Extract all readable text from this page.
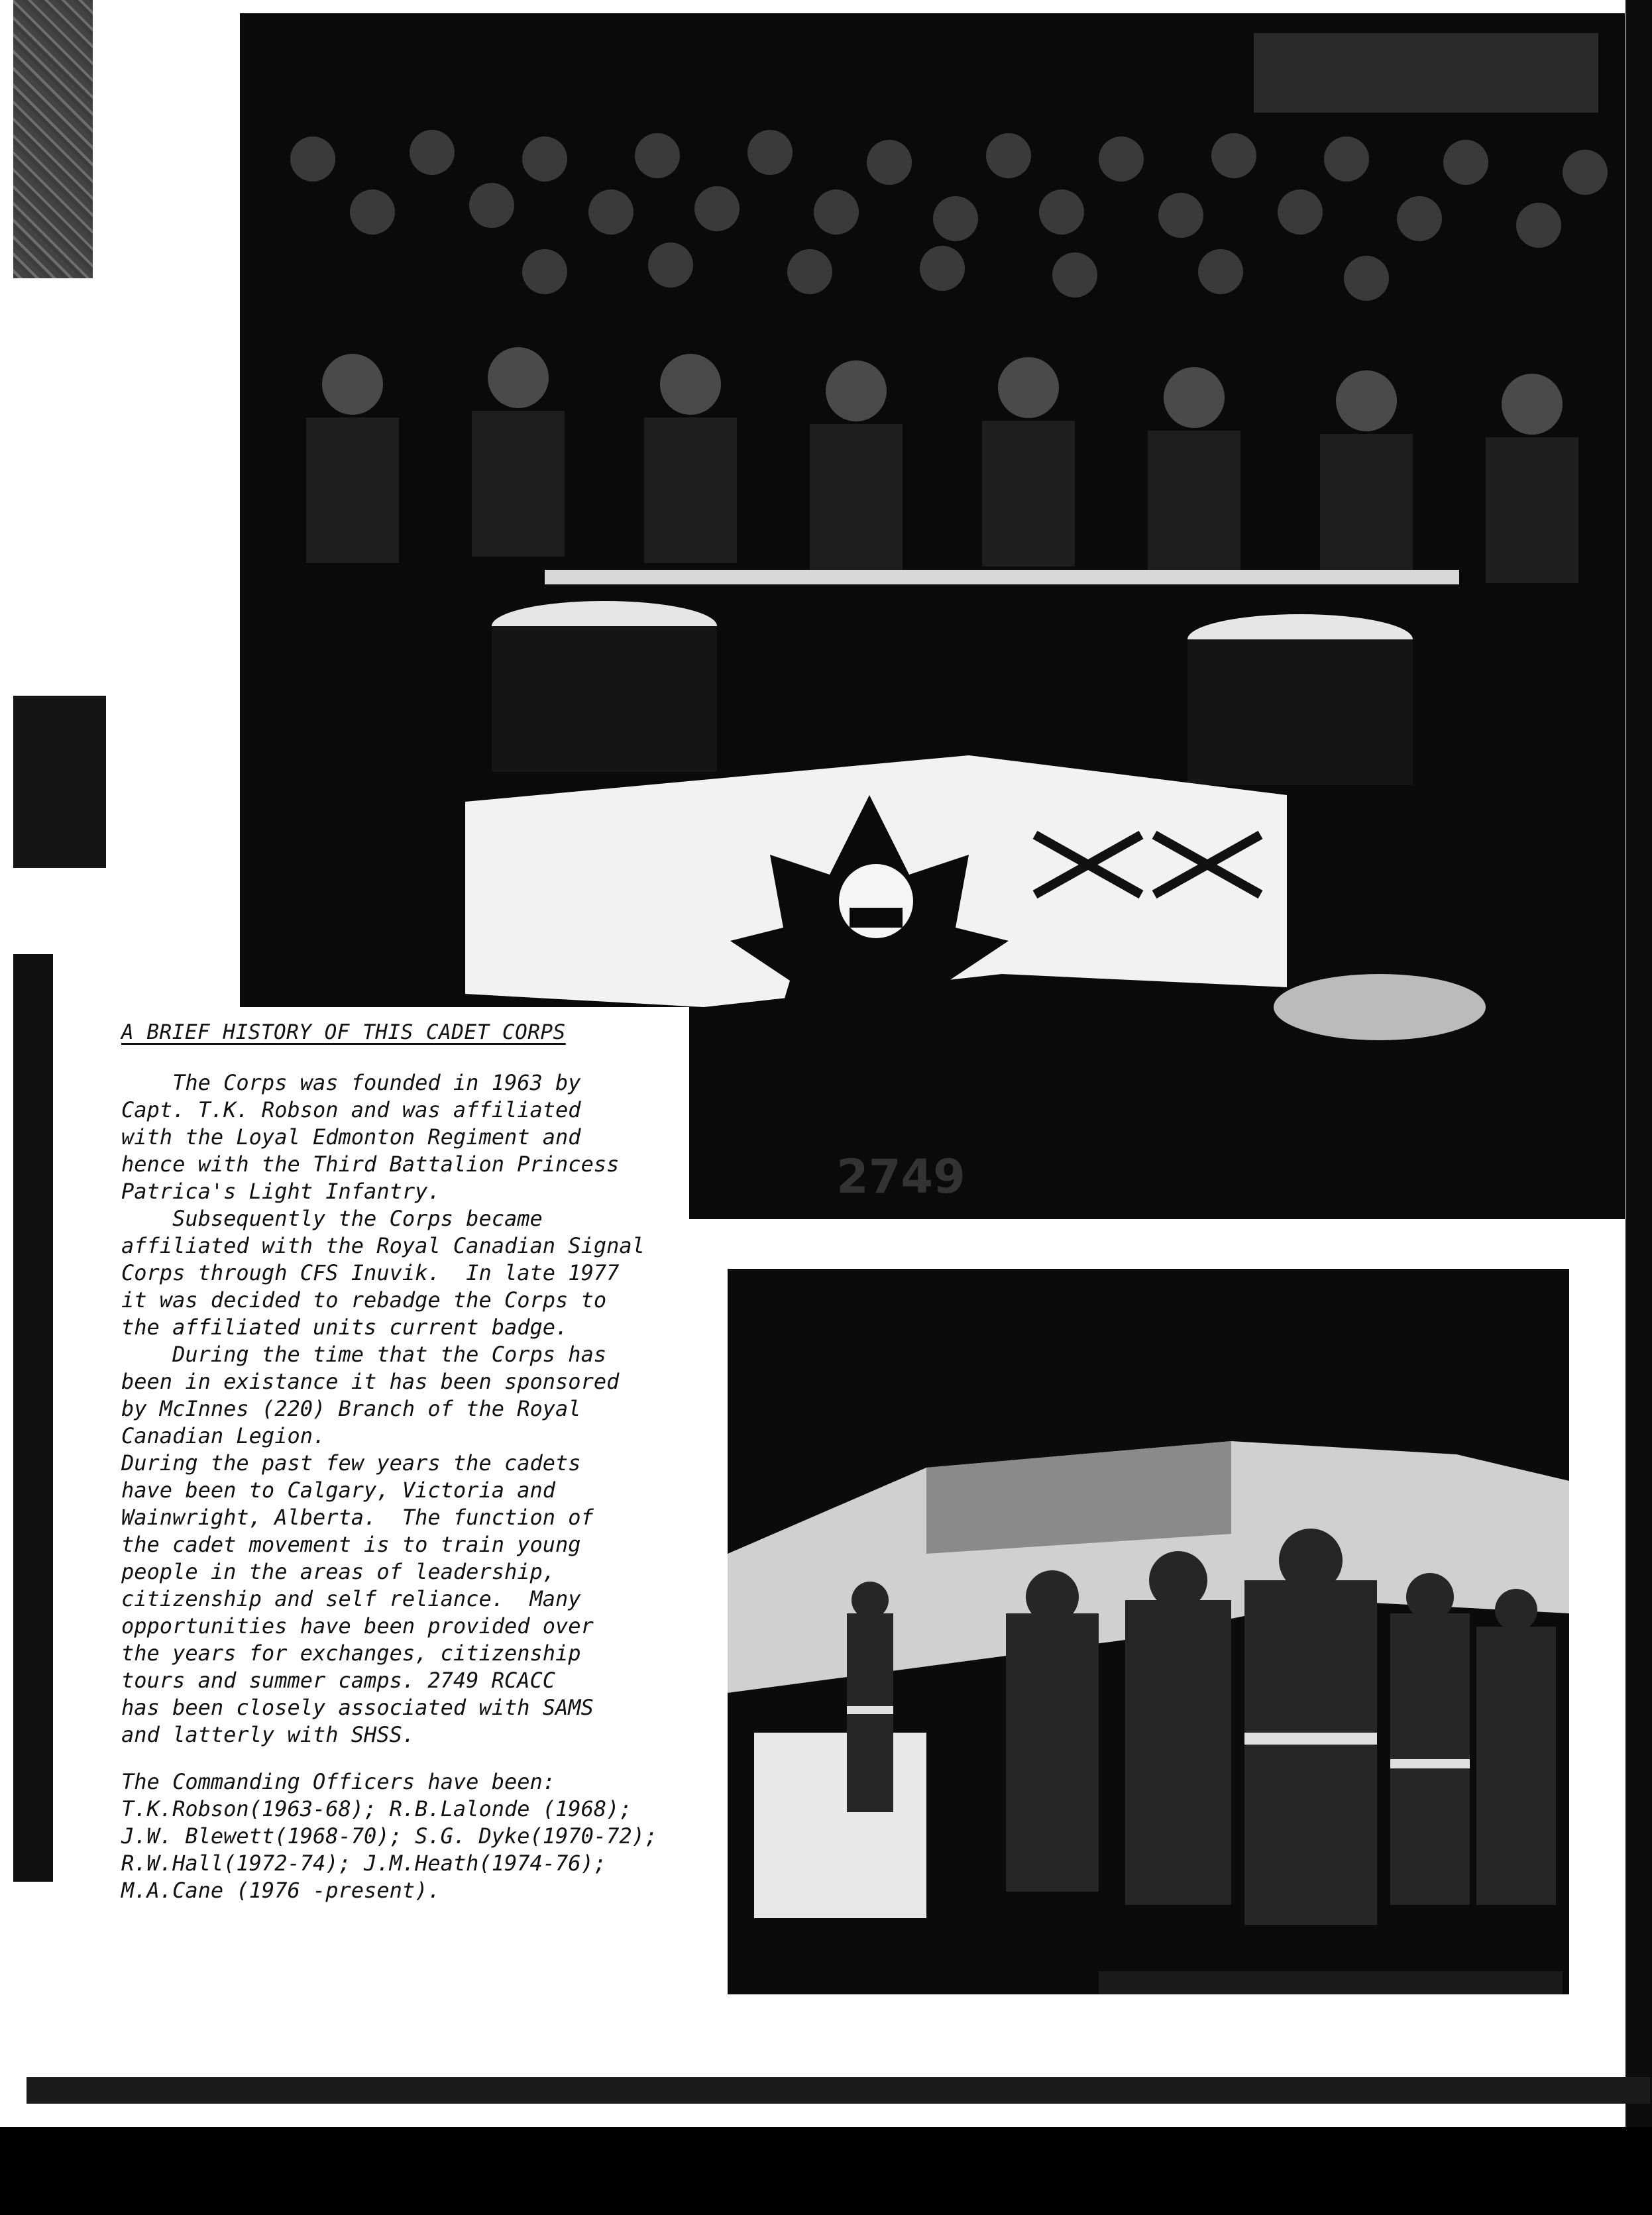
2749
A BRIEF HISTORY OF THIS CADET CORPS

The Corps was founded in 1963 by
Capt. T.K. Robson and was affiliated
with the Loyal Edmonton Regiment and
hence with the Third Battalion Princess
Patrica's Light Infantry.

Subsequently the Corps became
affiliated with the Royal Canadian Signal
Corps through CFS Inuvik.  In late 1977
it was decided to rebadge the Corps to
the affiliated units current badge.

During the time that the Corps has
been in existance it has been sponsored
by McInnes (220) Branch of the Royal
Canadian Legion.

During the past few years the cadets
have been to Calgary, Victoria and
Wainwright, Alberta.  The function of
the cadet movement is to train young
people in the areas of leadership,
citizenship and self reliance.  Many
opportunities have been provided over
the years for exchanges, citizenship
tours and summer camps. 2749 RCACC
has been closely associated with SAMS
and latterly with SHSS.

The Commanding Officers have been:

T.K.Robson(1963-68); R.B.Lalonde (1968);

J.W. Blewett(1968-70); S.G. Dyke(1970-72);

R.W.Hall(1972-74); J.M.Heath(1974-76);

M.A.Cane (1976 -present).
